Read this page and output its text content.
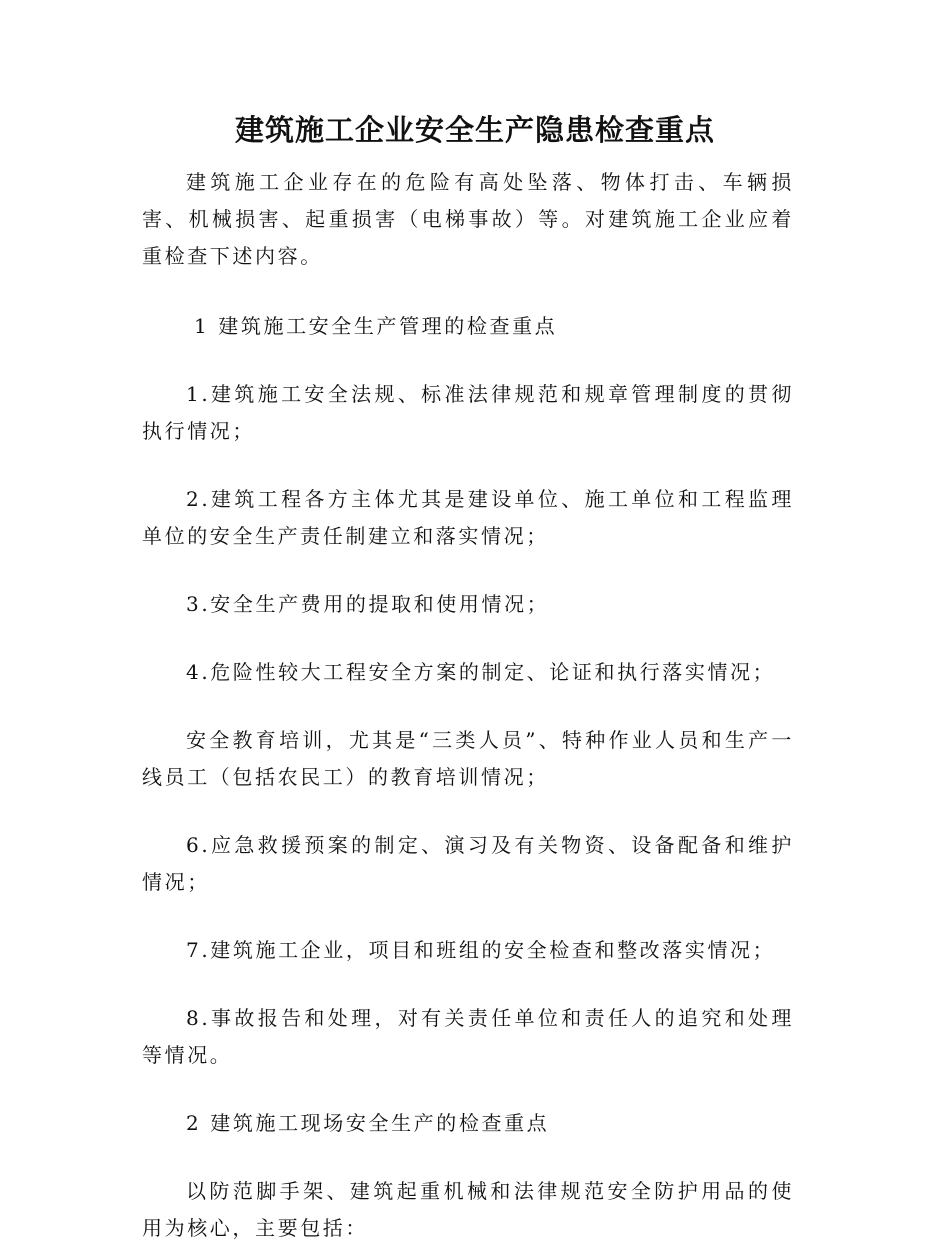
建筑施工企业安全生产隐患检查重点

建筑施工企业存在的危险有高处坠落、物体打击、车辆损害、机械损害、起重损害（电梯事故）等。对建筑施工企业应着重检查下述内容。

1 建筑施工安全生产管理的检查重点

1.建筑施工安全法规、标准法律规范和规章管理制度的贯彻执行情况；

2.建筑工程各方主体尤其是建设单位、施工单位和工程监理单位的安全生产责任制建立和落实情况；

3.安全生产费用的提取和使用情况；

4.危险性较大工程安全方案的制定、论证和执行落实情况；

安全教育培训，尤其是“三类人员”、特种作业人员和生产一线员工（包括农民工）的教育培训情况；

6.应急救援预案的制定、演习及有关物资、设备配备和维护情况；

7.建筑施工企业，项目和班组的安全检查和整改落实情况；

8.事故报告和处理，对有关责任单位和责任人的追究和处理等情况。

2 建筑施工现场安全生产的检查重点

以防范脚手架、建筑起重机械和法律规范安全防护用品的使用为核心，主要包括：
